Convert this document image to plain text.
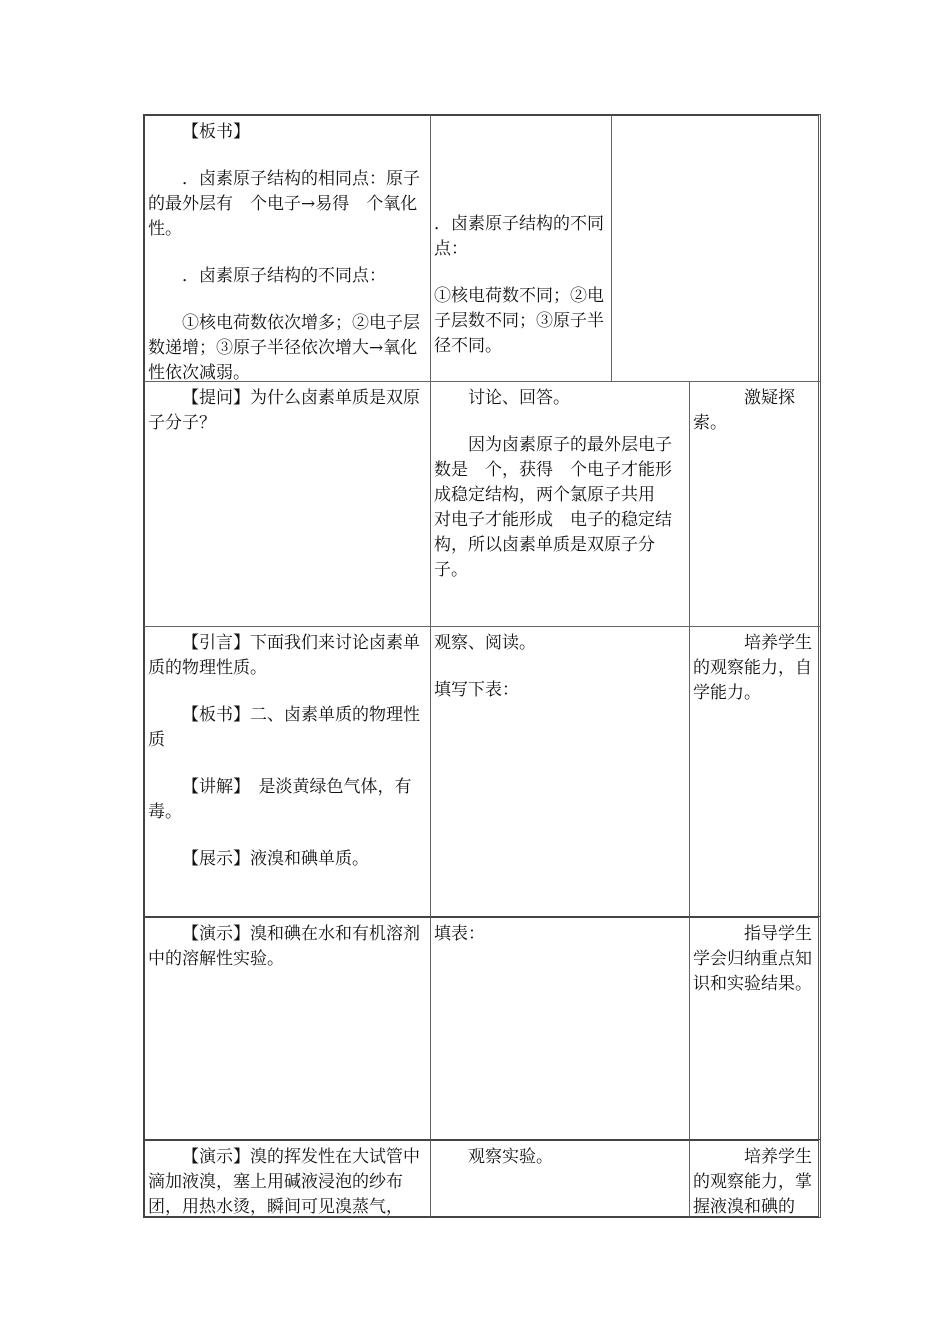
【板书】

．卤素原子结构的相同点：原子的最外层有　个电子→易得　个氧化性。

．卤素原子结构的不同点：

①核电荷数依次增多；②电子层数递增；③原子半径依次增大→氧化性依次减弱。

．卤素原子结构的不同点：

①核电荷数不同；②电子层数不同；③原子半径不同。

【提问】为什么卤素单质是双原子分子？

讨论、回答。

因为卤素原子的最外层电子数是　个，获得　个电子才能形成稳定结构，两个氯原子共用　对电子才能形成　电子的稳定结构，所以卤素单质是双原子分子。

激疑探索。

【引言】下面我们来讨论卤素单质的物理性质。

【板书】二、卤素单质的物理性质

【讲解】　是淡黄绿色气体，有毒。

【展示】液溴和碘单质。

观察、阅读。

填写下表：

培养学生的观察能力，自学能力。

【演示】溴和碘在水和有机溶剂中的溶解性实验。

填表：	指导学生学会归纳重点知识和实验结果。

【演示】溴的挥发性在大试管中滴加液溴，塞上用碱液浸泡的纱布团，用热水烫，瞬间可见溴蒸气，

观察实验。	培养学生的观察能力，掌握液溴和碘的
